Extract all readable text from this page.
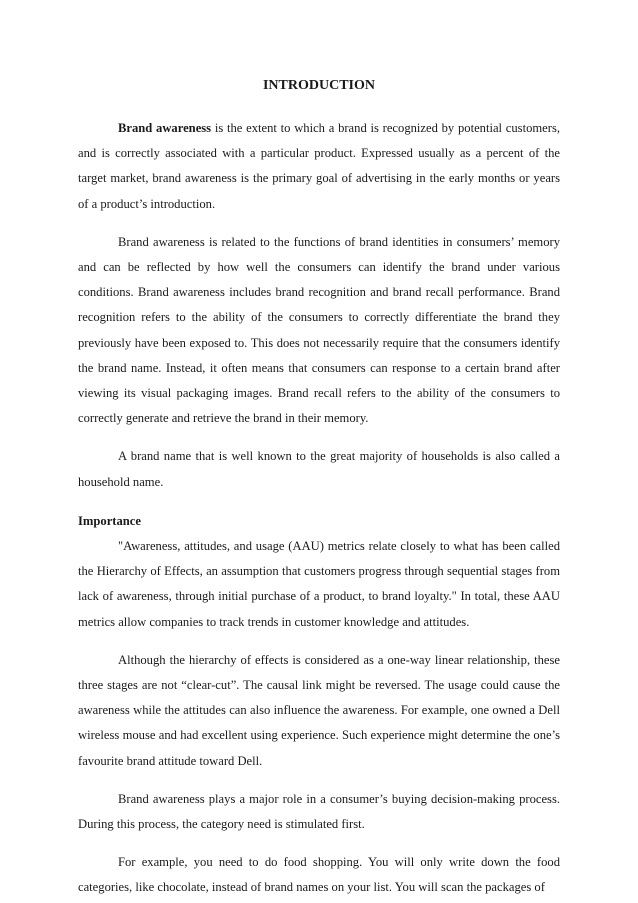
INTRODUCTION

Brand awareness is the extent to which a brand is recognized by potential customers, and is correctly associated with a particular product. Expressed usually as a percent of the target market, brand awareness is the primary goal of advertising in the early months or years of a product’s introduction.

Brand awareness is related to the functions of brand identities in consumers’ memory and can be reflected by how well the consumers can identify the brand under various conditions. Brand awareness includes brand recognition and brand recall performance. Brand recognition refers to the ability of the consumers to correctly differentiate the brand they previously have been exposed to. This does not necessarily require that the consumers identify the brand name. Instead, it often means that consumers can response to a certain brand after viewing its visual packaging images. Brand recall refers to the ability of the consumers to correctly generate and retrieve the brand in their memory.

A brand name that is well known to the great majority of households is also called a household name.

Importance

"Awareness, attitudes, and usage (AAU) metrics relate closely to what has been called the Hierarchy of Effects, an assumption that customers progress through sequential stages from lack of awareness, through initial purchase of a product, to brand loyalty." In total, these AAU metrics allow companies to track trends in customer knowledge and attitudes.

Although the hierarchy of effects is considered as a one-way linear relationship, these three stages are not “clear-cut”. The causal link might be reversed. The usage could cause the awareness while the attitudes can also influence the awareness. For example, one owned a Dell wireless mouse and had excellent using experience. Such experience might determine the one’s favourite brand attitude toward Dell.

Brand awareness plays a major role in a consumer’s buying decision-making process. During this process, the category need is stimulated first.

For example, you need to do food shopping. You will only write down the food categories, like chocolate, instead of brand names on your list. You will scan the packages of
